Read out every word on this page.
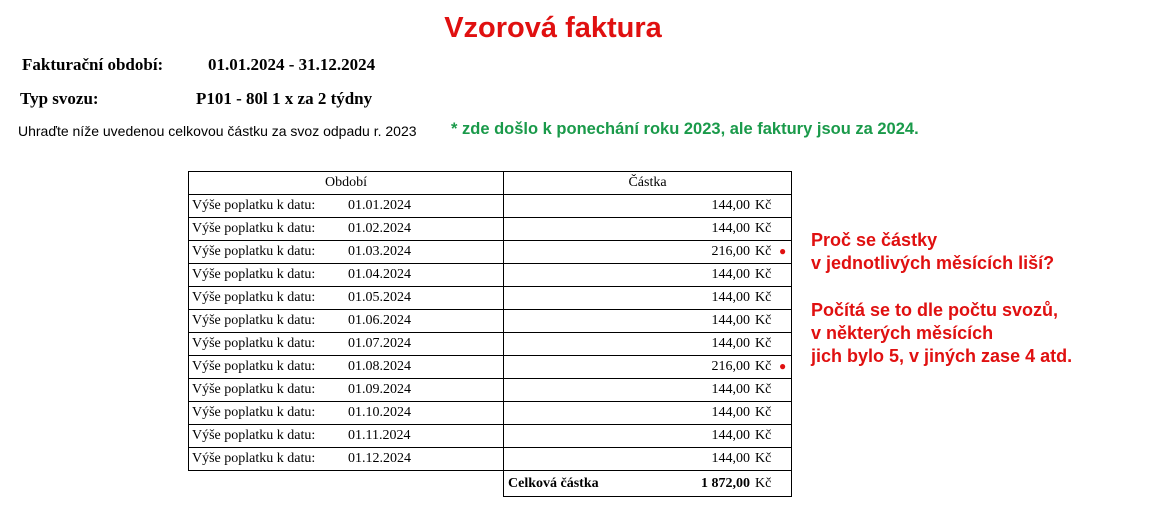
Vzorová faktura
Fakturační období:	01.01.2024 - 31.12.2024
Typ svozu:	P101 - 80l 1 x za 2 týdny
Uhraďte níže uvedenou celkovou částku za svoz odpadu r. 2023 * zde došlo k ponechání roku 2023, ale faktury jsou za 2024.
Období	Částka
Výše poplatku k datu: 01.01.2024	144,00 Kč
Výše poplatku k datu: 01.02.2024	144,00 Kč
Výše poplatku k datu: 01.03.2024	216,00 Kč ●
Výše poplatku k datu: 01.04.2024	144,00 Kč
Výše poplatku k datu: 01.05.2024	144,00 Kč
Výše poplatku k datu: 01.06.2024	144,00 Kč
Výše poplatku k datu: 01.07.2024	144,00 Kč
Výše poplatku k datu: 01.08.2024	216,00 Kč ●
Výše poplatku k datu: 01.09.2024	144,00 Kč
Výše poplatku k datu: 01.10.2024	144,00 Kč
Výše poplatku k datu: 01.11.2024	144,00 Kč
Výše poplatku k datu: 01.12.2024	144,00 Kč
	Celková částka 1 872,00 Kč

Proč se částky

v jednotlivých měsících liší?

Počítá se to dle počtu svozů,

v některých měsících

jich bylo 5, v jiných zase 4 atd.
